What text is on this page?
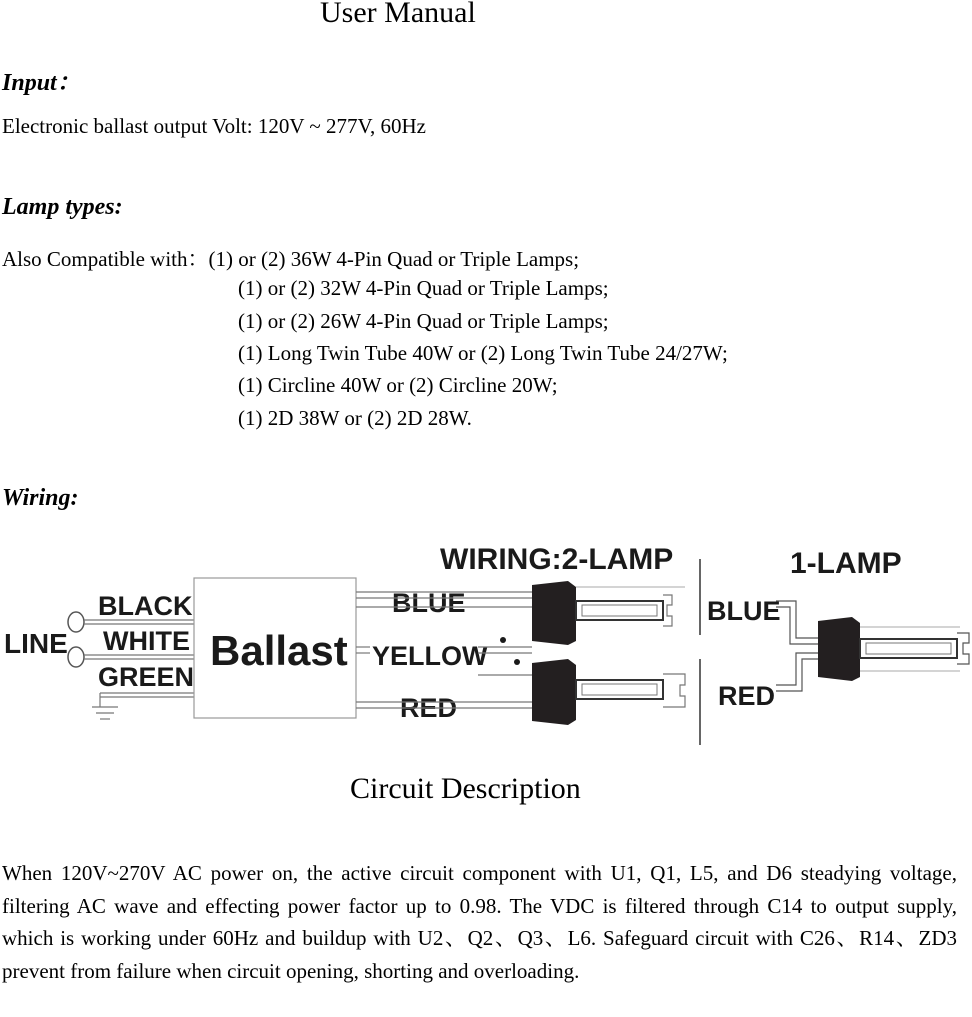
User Manual
Input：
Electronic ballast output Volt: 120V ~ 277V, 60Hz
Lamp types:
Also Compatible with：(1) or (2) 36W 4-Pin Quad or Triple Lamps;
(1) or (2) 32W 4-Pin Quad or Triple Lamps;
(1) or (2) 26W 4-Pin Quad or Triple Lamps;
(1) Long Twin Tube 40W or (2) Long Twin Tube 24/27W;
(1) Circline 40W or (2) Circline 20W;
(1) 2D 38W or (2) 2D 28W.
Wiring:
WIRING:2-LAMP	1-LAMP
LINE
BLACK
WHITE
GREEN
Ballast
BLUE
YELLOW
RED
BLUE
RED
Circuit Description
When 120V~270V AC power on, the active circuit component with U1, Q1, L5, and D6 steadying voltage, filtering AC wave and effecting power factor up to 0.98. The VDC is filtered through C14 to output supply, which is working under 60Hz and buildup with U2、Q2、Q3、L6. Safeguard circuit with C26、R14、ZD3 prevent from failure when circuit opening, shorting and overloading.
